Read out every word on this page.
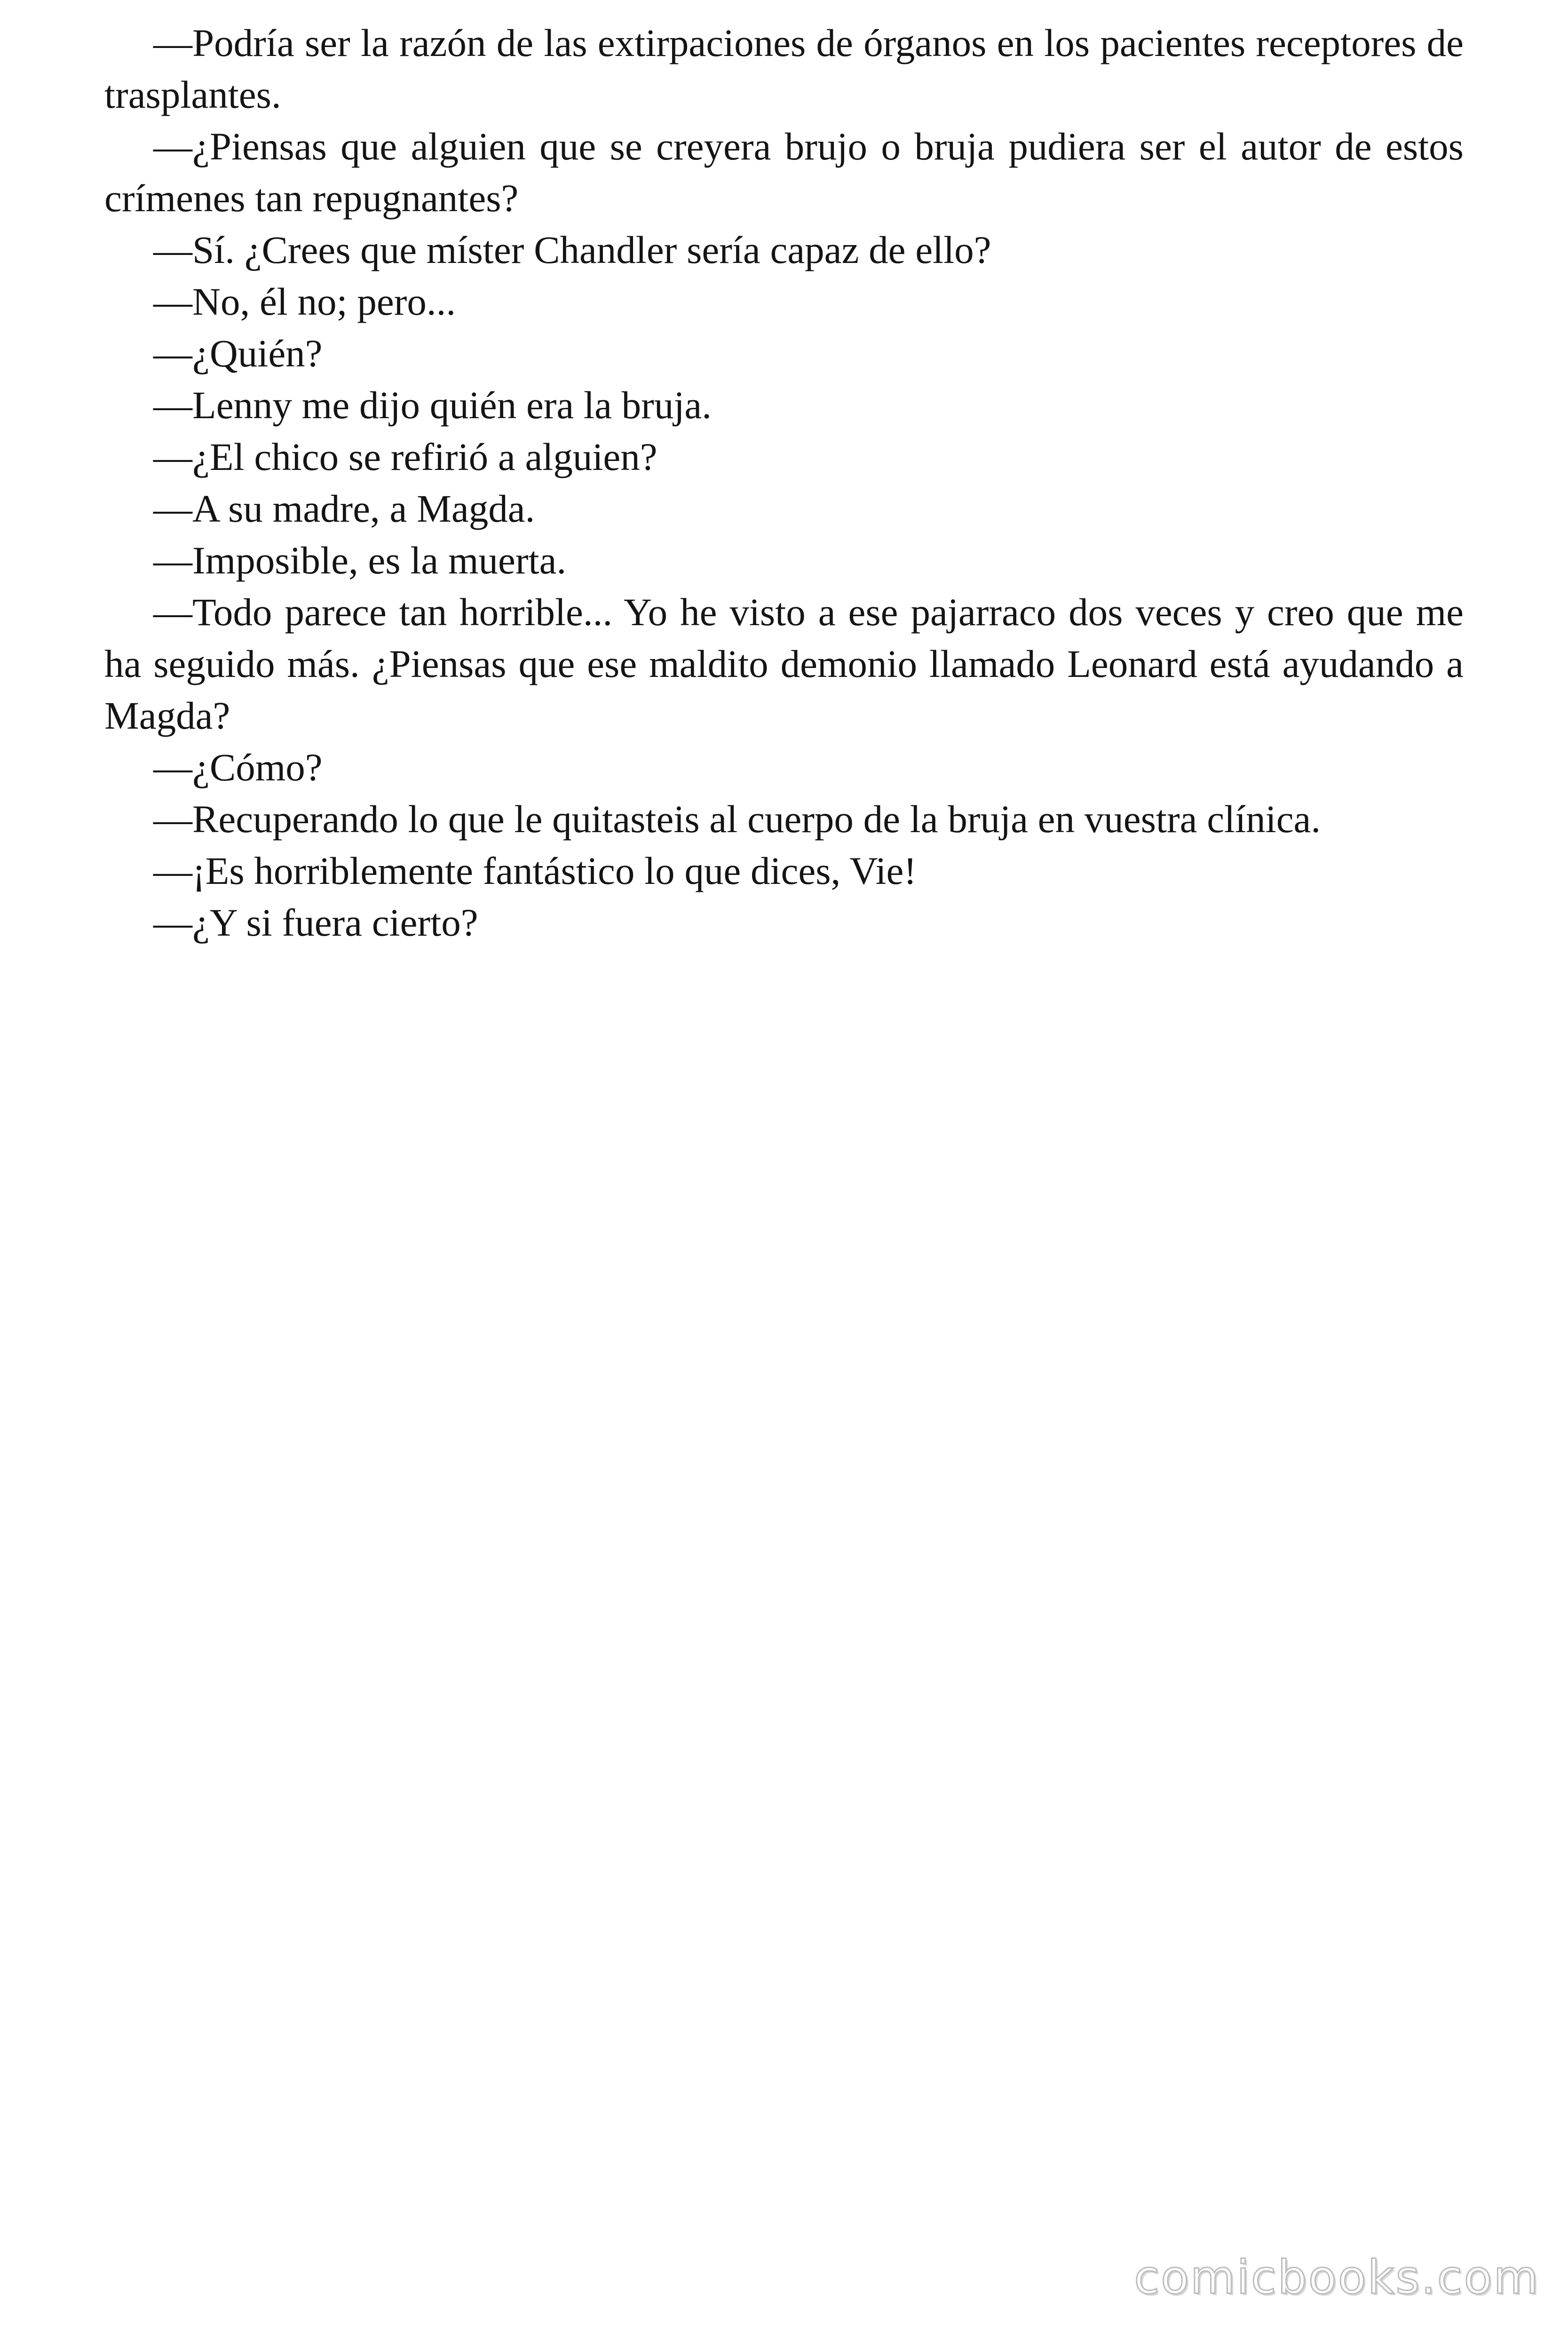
—Podría ser la razón de las extirpaciones de órganos en los pacientes receptores de trasplantes.

—¿Piensas que alguien que se creyera brujo o bruja pudiera ser el autor de estos crímenes tan repugnantes?

—Sí. ¿Crees que míster Chandler sería capaz de ello?

—No, él no; pero...

—¿Quién?

—Lenny me dijo quién era la bruja.

—¿El chico se refirió a alguien?

—A su madre, a Magda.

—Imposible, es la muerta.

—Todo parece tan horrible... Yo he visto a ese pajarraco dos veces y creo que me ha seguido más. ¿Piensas que ese maldito demonio llamado Leonard está ayudando a Magda?

—¿Cómo?

—Recuperando lo que le quitasteis al cuerpo de la bruja en vuestra clínica.

—¡Es horriblemente fantástico lo que dices, Vie!

—¿Y si fuera cierto?

comicbooks.com
